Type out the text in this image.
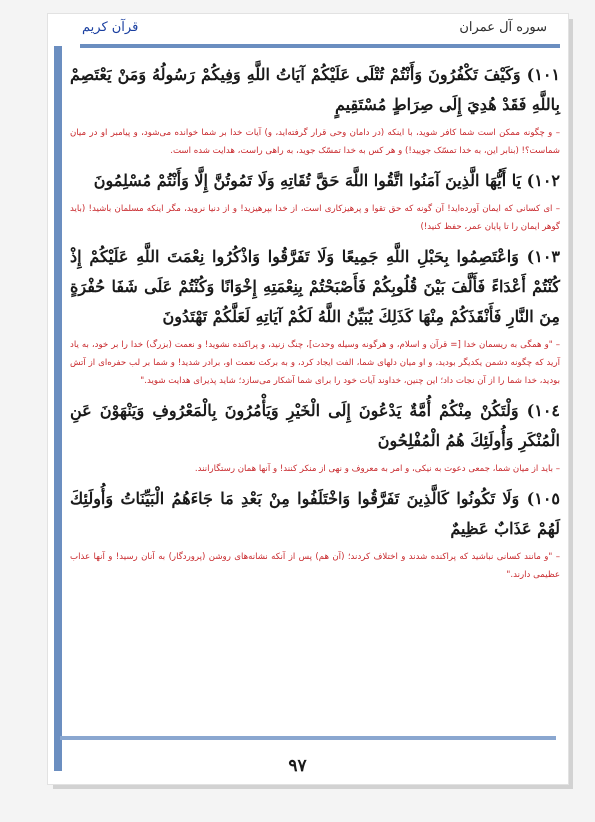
قرآن کریم	سوره آل عمران

١٠١) وَكَيْفَ تَكْفُرُونَ وَأَنْتُمْ تُتْلَى عَلَيْكُمْ آيَاتُ اللَّهِ وَفِيكُمْ رَسُولُهُ وَمَنْ يَعْتَصِمْ بِاللَّهِ فَقَدْ هُدِيَ إِلَى صِرَاطٍ مُسْتَقِيمٍ

– و چگونه ممکن است شما کافر شوید، با اینکه (در دامان وحی قرار گرفته‌اید، و) آیات خدا بر شما خوانده می‌شود، و پیامبر او در میان شماست؟! (بنابر این، به خدا تمسّک جویید!) و هر کس به خدا تمسّک جوید، به راهی راست، هدایت شده است.

١٠٢) يَا أَيُّهَا الَّذِينَ آمَنُوا اتَّقُوا اللَّهَ حَقَّ تُقَاتِهِ وَلَا تَمُوتُنَّ إِلَّا وَأَنْتُمْ مُسْلِمُونَ

– ای کسانی که ایمان آورده‌اید! آن گونه که حق تقوا و پرهیزکاری است، از خدا بپرهیزید! و از دنیا نروید، مگر اینکه مسلمان باشید! (باید گوهر ایمان را تا پایان عمر، حفظ کنید!)

١٠٣) وَاعْتَصِمُوا بِحَبْلِ اللَّهِ جَمِيعًا وَلَا تَفَرَّقُوا وَاذْكُرُوا نِعْمَتَ اللَّهِ عَلَيْكُمْ إِذْ كُنْتُمْ أَعْدَاءً فَأَلَّفَ بَيْنَ قُلُوبِكُمْ فَأَصْبَحْتُمْ بِنِعْمَتِهِ إِخْوَانًا وَكُنْتُمْ عَلَى شَفَا حُفْرَةٍ مِنَ النَّارِ فَأَنْقَذَكُمْ مِنْهَا كَذَلِكَ يُبَيِّنُ اللَّهُ لَكُمْ آيَاتِهِ لَعَلَّكُمْ تَهْتَدُونَ

– "و همگی به ریسمان خدا [= قرآن و اسلام، و هرگونه وسیله وحدت]، چنگ زنید، و پراکنده نشوید! و نعمت (بزرگ) خدا را بر خود، به یاد آرید که چگونه دشمن یکدیگر بودید، و او میان دلهای شما، الفت ایجاد کرد، و به برکت نعمت او، برادر شدید! و شما بر لب حفره‌ای از آتش بودید، خدا شما را از آن نجات داد؛ این چنین، خداوند آیات خود را برای شما آشکار می‌سازد؛ شاید پذیرای هدایت شوید."

١٠٤) وَلْتَكُنْ مِنْكُمْ أُمَّةٌ يَدْعُونَ إِلَى الْخَيْرِ وَيَأْمُرُونَ بِالْمَعْرُوفِ وَيَنْهَوْنَ عَنِ الْمُنْكَرِ وَأُولَئِكَ هُمُ الْمُفْلِحُونَ

– باید از میان شما، جمعی دعوت به نیکی، و امر به معروف و نهی از منکر کنند! و آنها همان رستگارانند.

١٠٥) وَلَا تَكُونُوا كَالَّذِينَ تَفَرَّقُوا وَاخْتَلَفُوا مِنْ بَعْدِ مَا جَاءَهُمُ الْبَيِّنَاتُ وَأُولَئِكَ لَهُمْ عَذَابٌ عَظِيمٌ

– "و مانند کسانی نباشید که پراکنده شدند و اختلاف کردند؛ (آن هم) پس از آنکه نشانه‌های روشن (پروردگار) به آنان رسید! و آنها عذاب عظیمی دارند."

٩٧
